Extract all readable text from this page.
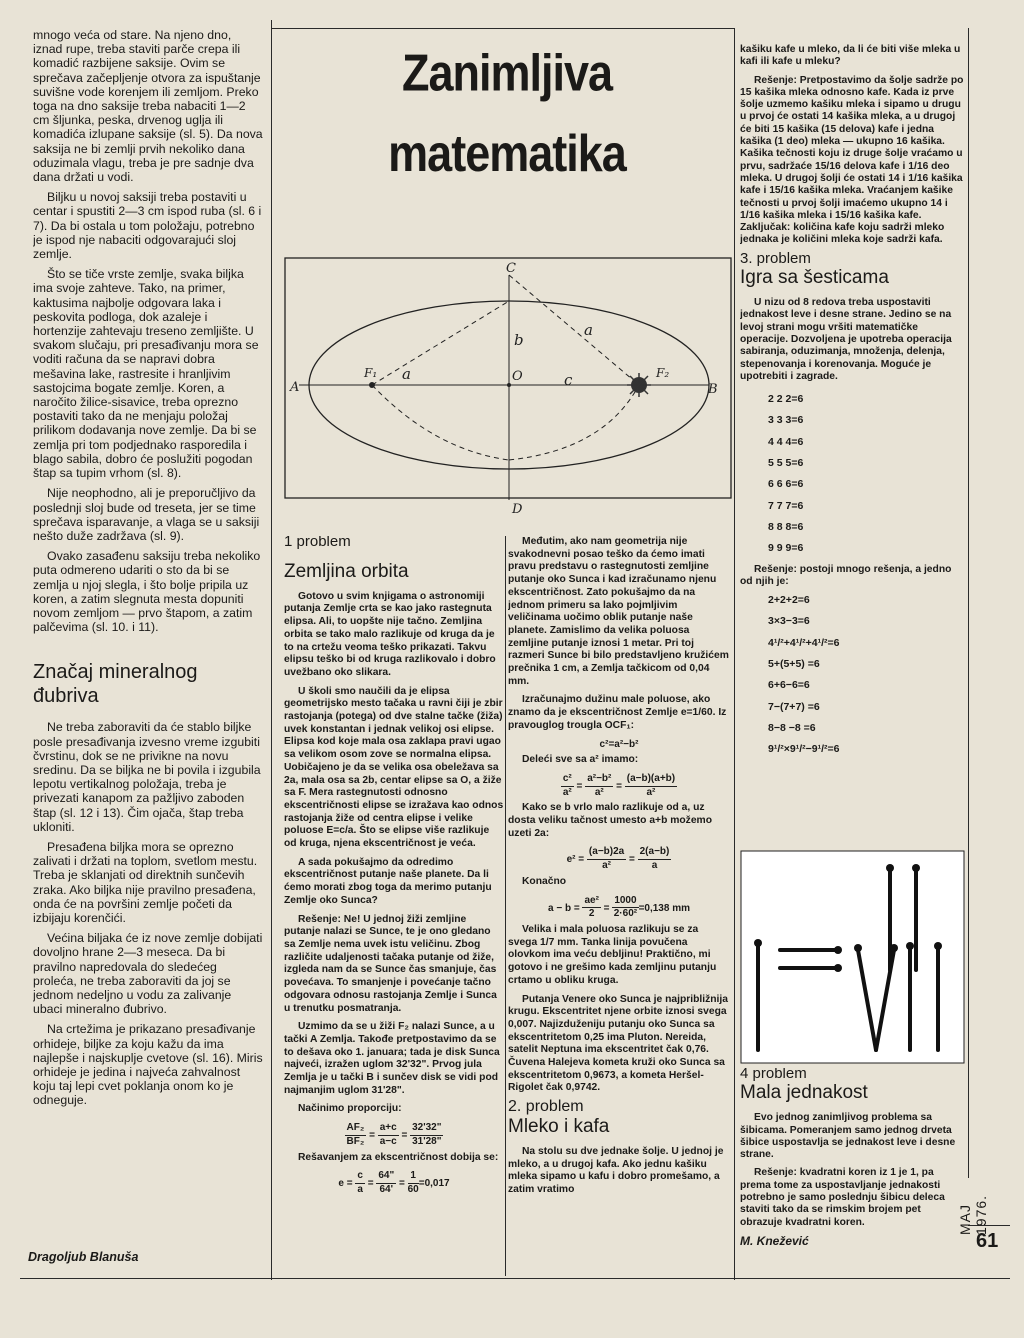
mnogo veća od stare. Na njeno dno, iznad rupe, treba staviti parče crepa ili komadić razbijene saksije. Ovim se sprečava začepljenje otvora za ispuštanje suvišne vode korenjem ili zemljom. Preko toga na dno saksije treba nabaciti 1—2 cm šljunka, peska, drvenog uglja ili komadića izlupane saksije (sl. 5). Da nova saksija ne bi zemlji prvih nekoliko dana oduzimala vlagu, treba je pre sadnje dva dana držati u vodi.

Biljku u novoj saksiji treba postaviti u centar i spustiti 2—3 cm ispod ruba (sl. 6 i 7). Da bi ostala u tom položaju, potrebno je ispod nje nabaciti odgovarajući sloj zemlje.

Što se tiče vrste zemlje, svaka biljka ima svoje zahteve. Tako, na primer, kaktusima najbolje odgovara laka i peskovita podloga, dok azaleje i hortenzije zahtevaju treseno zemljište. U svakom slučaju, pri presađivanju mora se voditi računa da se napravi dobra mešavina lake, rastresite i hranljivim sastojcima bogate zemlje. Koren, a naročito žilice-sisavice, treba oprezno postaviti tako da ne menjaju položaj prilikom dodavanja nove zemlje. Da bi se zemlja pri tom podjednako rasporedila i blago sabila, dobro će poslužiti pogodan štap sa tupim vrhom (sl. 8).

Nije neophodno, ali je preporučljivo da poslednji sloj bude od treseta, jer se time sprečava isparavanje, a vlaga se u saksiji nešto duže zadržava (sl. 9).

Ovako zasađenu saksiju treba nekoliko puta odmereno udariti o sto da bi se zemlja u njoj slegla, i što bolje pripila uz koren, a zatim slegnuta mesta dopuniti novom zemljom — prvo štapom, a zatim palčevima (sl. 10. i 11).

Značaj mineralnog đubriva

Ne treba zaboraviti da će stablo biljke posle presađivanja izvesno vreme izgubiti čvrstinu, dok se ne privikne na novu sredinu. Da se biljka ne bi povila i izgubila lepotu vertikalnog položaja, treba je privezati kanapom za pažljivo zaboden štap (sl. 12 i 13). Čim ojača, štap treba ukloniti.

Presađena biljka mora se oprezno zalivati i držati na toplom, svetlom mestu. Treba je sklanjati od direktnih sunčevih zraka. Ako biljka nije pravilno presađena, onda će na površini zemlje početi da izbijaju korenčići.

Većina biljaka će iz nove zemlje dobijati dovoljno hrane 2—3 meseca. Da bi pravilno napredovala do sledećeg proleća, ne treba zaboraviti da joj se jednom nedeljno u vodu za zalivanje ubaci mineralno đubrivo.

Na crtežima je prikazano presađivanje orhideje, biljke za koju kažu da ima najlepše i najskuplje cvetove (sl. 16). Miris orhideje je jedina i najveća zahvalnost koju taj lepi cvet poklanja onom ko je odneguje.

Dragoljub Blanuša
Zanimljiva matematika
A	B
C
D
F₁	F₂
O
a	c
b
a

1 problem

Zemljina orbita

Gotovo u svim knjigama o astronomiji putanja Zemlje crta se kao jako rastegnuta elipsa. Ali, to uopšte nije tačno. Zemljina orbita se tako malo razlikuje od kruga da je to na crtežu veoma teško prikazati. Takvu elipsu teško bi od kruga razlikovalo i dobro uvežbano oko slikara.

U školi smo naučili da je elipsa geometrijsko mesto tačaka u ravni čiji je zbir rastojanja (potega) od dve stalne tačke (žiža) uvek konstantan i jednak velikoj osi elipse. Elipsa kod koje mala osa zaklapa pravi ugao sa velikom osom zove se normalna elipsa. Uobičajeno je da se velika osa obeležava sa 2a, mala osa sa 2b, centar elipse sa O, a žiže sa F. Mera rastegnutosti odnosno ekscentričnosti elipse se izražava kao odnos rastojanja žiže od centra elipse i velike poluose E=c/a. Što se elipse više razlikuje od kruga, njena ekscentričnost je veća.

A sada pokušajmo da odredimo ekscentričnost putanje naše planete. Da li ćemo morati zbog toga da merimo putanju Zemlje oko Sunca?

Rešenje: Ne! U jednoj žiži zemljine putanje nalazi se Sunce, te je ono gledano sa Zemlje nema uvek istu veličinu. Zbog različite udaljenosti tačaka putanje od žiže, izgleda nam da se Sunce čas smanjuje, čas povećava. To smanjenje i povećanje tačno odgovara odnosu rastojanja Zemlje i Sunca u trenutku posmatranja.

Uzmimo da se u žiži F₂ nalazi Sunce, a u tački A Zemlja. Takođe pretpostavimo da se to dešava oko 1. januara; tada je disk Sunca najveći, izražen uglom 32'32". Prvog jula Zemlja je u tački B i sunčev disk se vidi pod najmanjim uglom 31'28".

Načinimo proporciju:

$\frac{\text{AF₂}}{\text{BF₂}} = \frac{a+c}{a-c} = \frac{32'32"}{31'28"}$

Rešavanjem za ekscentričnost dobija se:

$e = \frac{c}{a} = \frac{64"}{64'} = \frac{1}{60} =0,017$

Međutim, ako nam geometrija nije svakodnevni posao teško da ćemo imati pravu predstavu o rastegnutosti zemljine putanje oko Sunca i kad izračunamo njenu ekscentričnost. Zato pokušajmo da na jednom primeru sa lako pojmljivim veličinama uočimo oblik putanje naše planete. Zamislimo da velika poluosa zemljine putanje iznosi 1 metar. Pri toj razmeri Sunce bi bilo predstavljeno kružićem prečnika 1 cm, a Zemlja tačkicom od 0,04 mm.

Izračunajmo dužinu male poluose, ako znamo da je ekscentričnost Zemlje e=1/60. Iz pravouglog trougla OCF₁:

c²=a²−b²

Delеći sve sa a² imamo:

$\frac{\text{c²}}{\text{a²}} = \frac{\text{a²−b²}}{\text{a²}} = \frac{(a-b)(a+b)}{\text{a²}}$

Kako se b vrlo malo razlikuje od a, uz dosta veliku tačnost umesto a+b možemo uzeti 2a:

$e^2 = \frac{(a-b)2a}{\text{a²}} = \frac{2(a-b)}{a}$

Konačno

$a - b = \frac{\text{ae²}}{2} = \frac{1000}{\text{2·60²}} =0,138$ mm

Velika i mala poluosa razlikuju se za svega 1/7 mm. Tanka linija povučena olovkom ima veću debljinu! Praktično, mi gotovo i ne grešimo kada zemljinu putanju crtamo u obliku kruga.

Putanja Venere oko Sunca je najpribližnija krugu. Ekscentritet njene orbite iznosi svega 0,007. Najizduženiju putanju oko Sunca sa ekscentritetom 0,25 ima Pluton. Nereida, satelit Neptuna ima ekscentritet čak 0,76. Čuvena Halejeva kometa kruži oko Sunca sa ekscentritetom 0,9673, a kometa Heršel-Rigolet čak 0,9742.

2. problem

Mleko i kafa

Na stolu su dve jednake šolje. U jednoj je mleko, a u drugoj kafa. Ako jednu kašiku mleka sipamo u kafu i dobro promešamo, a zatim vratimo

kašiku kafe u mleko, da li će biti više mleka u kafi ili kafe u mleku?

Rešenje: Pretpostavimo da šolje sadrže po 15 kašika mleka odnosno kafe. Kada iz prve šolje uzmemo kašiku mleka i sipamo u drugu u prvoj će ostati 14 kašika mleka, a u drugoj će biti 15 kašika (15 delova) kafe i jedna kašika (1 deo) mleka — ukupno 16 kašika. Kašika tečnosti koju iz druge šolje vraćamo u prvu, sadržaće 15/16 delova kafe i 1/16 deo mleka. U drugoj šolji će ostati 14 i 1/16 kašika kafe i 15/16 kašika mleka. Vraćanjem kašike tečnosti u prvoj šolji imaćemo ukupno 14 i 1/16 kašika mleka i 15/16 kašika kafe. Zaključak: količina kafe koju sadrži mleko jednaka je količini mleka koje sadrži kafa.

3. problem

Igra sa šesticama

U nizu od 8 redova treba uspostaviti jednakost leve i desne strane. Jedino se na levoj strani mogu vršiti matematičke operacije. Dozvoljena je upotreba operacija sabiranja, oduzimanja, množenja, delenja, stepenovanja i korenovanja. Moguće je upotrebiti i zagrade.

2 2 2=6

3 3 3=6

4 4 4=6

5 5 5=6

6 6 6=6

7 7 7=6

8 8 8=6

9 9 9=6

Rešenje: postoji mnogo rešenja, a jedno od njih je:

2+2+2=6

3×3−3=6

4¹/²+4¹/²+4¹/²=6

5+(5+5) =6

6+6−6=6

7−(7+7) =6

8−8 −8 =6

9¹/²×9¹/²−9¹/²=6

4 problem

Mala jednakost

Evo jednog zanimljivog problema sa šibicama. Pomeranjem samo jednog drveta šibice uspostavlja se jednakost leve i desne strane.

Rešenje: kvadratni koren iz 1 je 1, pa prema tome za uspostavljanje jednakosti potrebno je samo poslednju šibicu deleca staviti tako da se rimskim brojem pet obrazuje kvadratni koren.

M. Knežević

MAJ 1976.
61
